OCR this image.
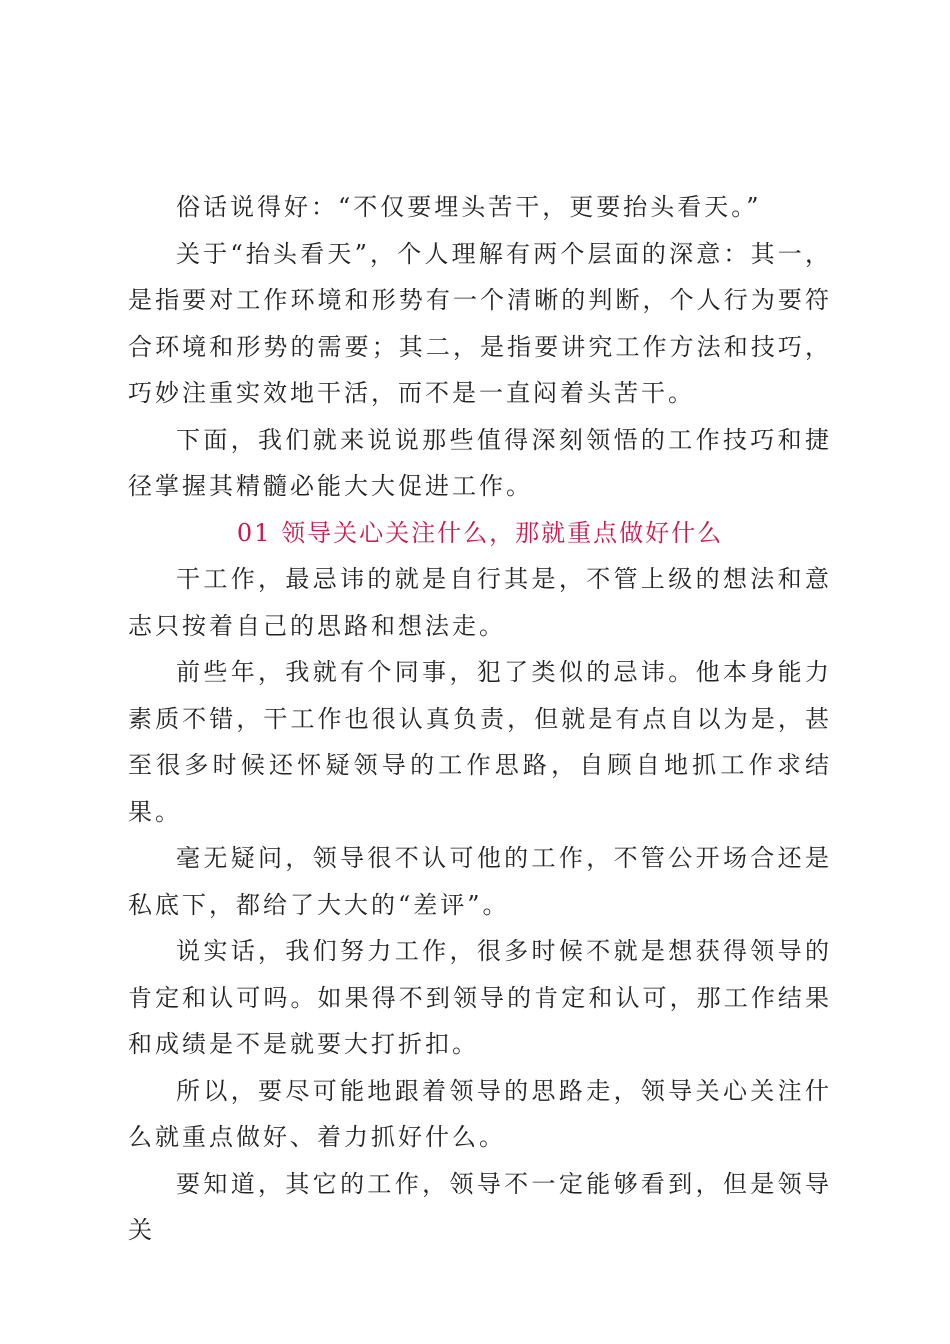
俗话说得好：“不仅要埋头苦干，更要抬头看天。”

关于“抬头看天”，个人理解有两个层面的深意：其一，是指要对工作环境和形势有一个清晰的判断，个人行为要符合环境和形势的需要；其二，是指要讲究工作方法和技巧，巧妙注重实效地干活，而不是一直闷着头苦干。

下面，我们就来说说那些值得深刻领悟的工作技巧和捷径掌握其精髓必能大大促进工作。

01 领导关心关注什么，那就重点做好什么

干工作，最忌讳的就是自行其是，不管上级的想法和意志只按着自己的思路和想法走。

前些年，我就有个同事，犯了类似的忌讳。他本身能力素质不错，干工作也很认真负责，但就是有点自以为是，甚至很多时候还怀疑领导的工作思路，自顾自地抓工作求结果。

毫无疑问，领导很不认可他的工作，不管公开场合还是私底下，都给了大大的“差评”。

说实话，我们努力工作，很多时候不就是想获得领导的肯定和认可吗。如果得不到领导的肯定和认可，那工作结果和成绩是不是就要大打折扣。

所以，要尽可能地跟着领导的思路走，领导关心关注什么就重点做好、着力抓好什么。

要知道，其它的工作，领导不一定能够看到，但是领导关
